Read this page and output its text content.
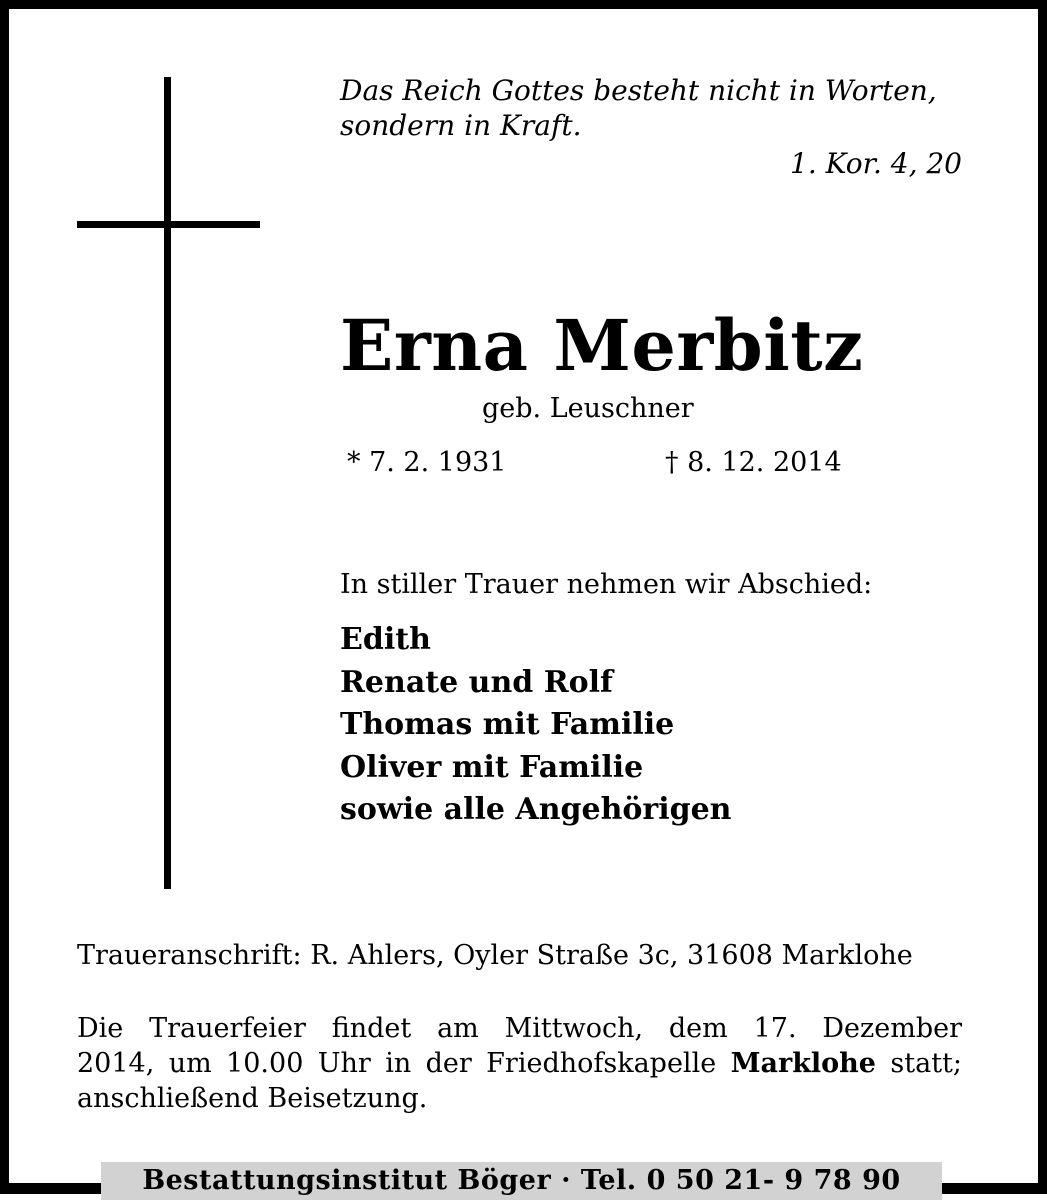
Das Reich Gottes besteht nicht in Worten,
sondern in Kraft.
1. Kor. 4, 20
Erna Merbitz
geb. Leuschner
* 7. 2. 1931	† 8. 12. 2014
In stiller Trauer nehmen wir Abschied:
Edith
Renate und Rolf
Thomas mit Familie
Oliver mit Familie
sowie alle Angehörigen
Traueranschrift: R. Ahlers, Oyler Straße 3c, 31608 Marklohe
Die Trauerfeier findet am Mittwoch, dem 17. Dezember
2014, um 10.00 Uhr in der Friedhofskapelle Marklohe statt;
anschließend Beisetzung.
Bestattungsinstitut Böger · Tel. 0 50 21- 9 78 90
